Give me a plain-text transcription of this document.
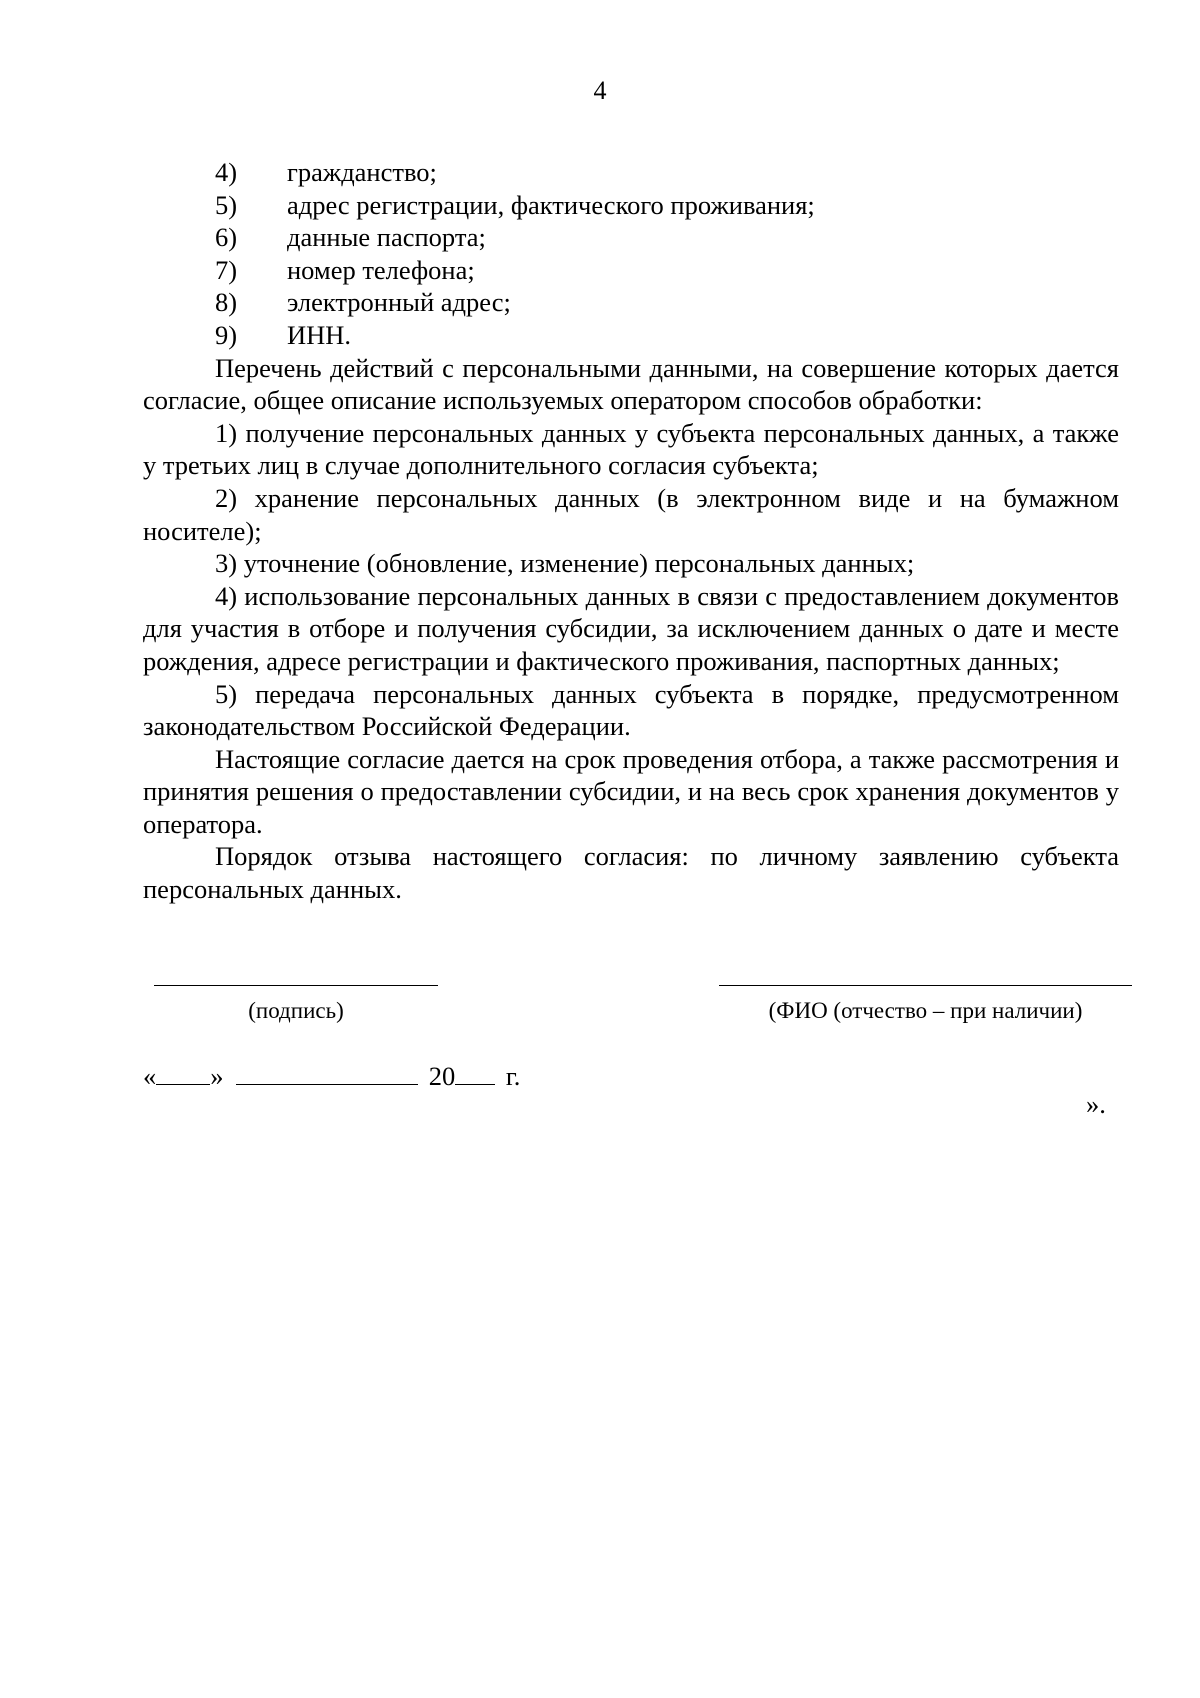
4
4)	гражданство;
5)	адрес регистрации, фактического проживания;
6)	данные паспорта;
7)	номер телефона;
8)	электронный адрес;
9)	ИНН.

Перечень действий с персональными данными, на совершение которых дается согласие, общее описание используемых оператором способов обработки:

1) получение персональных данных у субъекта персональных данных, а также у третьих лиц в случае дополнительного согласия субъекта;

2) хранение персональных данных (в электронном виде и на бумажном носителе);

3) уточнение (обновление, изменение) персональных данных;

4) использование персональных данных в связи с предоставлением документов для участия в отборе и получения субсидии, за исключением данных о дате и месте рождения, адресе регистрации и фактического проживания, паспортных данных;

5) передача персональных данных субъекта в порядке, предусмотренном законодательством Российской Федерации.

Настоящие согласие дается на срок проведения отбора, а также рассмотрения и принятия решения о предоставлении субсидии, и на весь срок хранения документов у оператора.

Порядок отзыва настоящего согласия: по личному заявлению субъекта персональных данных.

(подпись)	(ФИО (отчество – при наличии)
« »	20 г.
».
